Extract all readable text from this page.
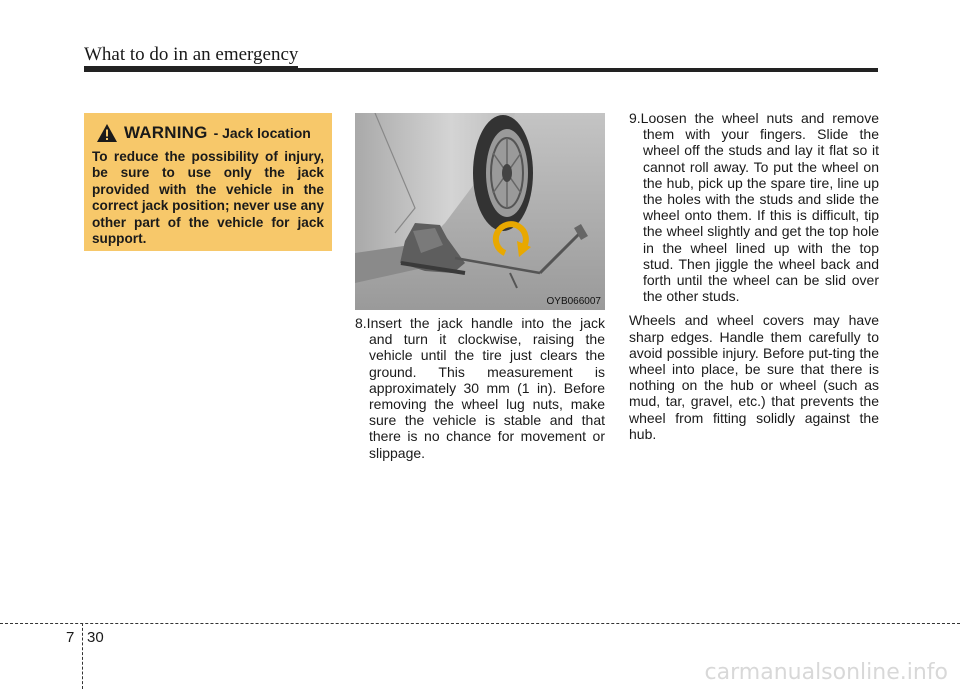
What to do in an emergency
WARNING - Jack location
To reduce the possibility of injury, be sure to use only the jack provided with the vehicle in the correct jack position; never use any other part of the vehicle for jack support.
OYB066007
8.Insert the jack handle into the jack and turn it clockwise, raising the vehicle until the tire just clears the ground. This measurement is approximately 30 mm (1 in). Before removing the wheel lug nuts, make sure the vehicle is stable and that there is no chance for movement or slippage.
9.Loosen the wheel nuts and remove them with your fingers. Slide the wheel off the studs and lay it flat so it cannot roll away. To put the wheel on the hub, pick up the spare tire, line up the holes with the studs and slide the wheel onto them. If this is difficult, tip the wheel slightly and get the top hole in the wheel lined up with the top stud. Then jiggle the wheel back and forth until the wheel can be slid over the other studs.
Wheels and wheel covers may have sharp edges. Handle them carefully to avoid possible injury. Before put-ting the wheel into place, be sure that there is nothing on the hub or wheel (such as mud, tar, gravel, etc.) that prevents the wheel from fitting solidly against the hub.
7 30
carmanualsonline.info
